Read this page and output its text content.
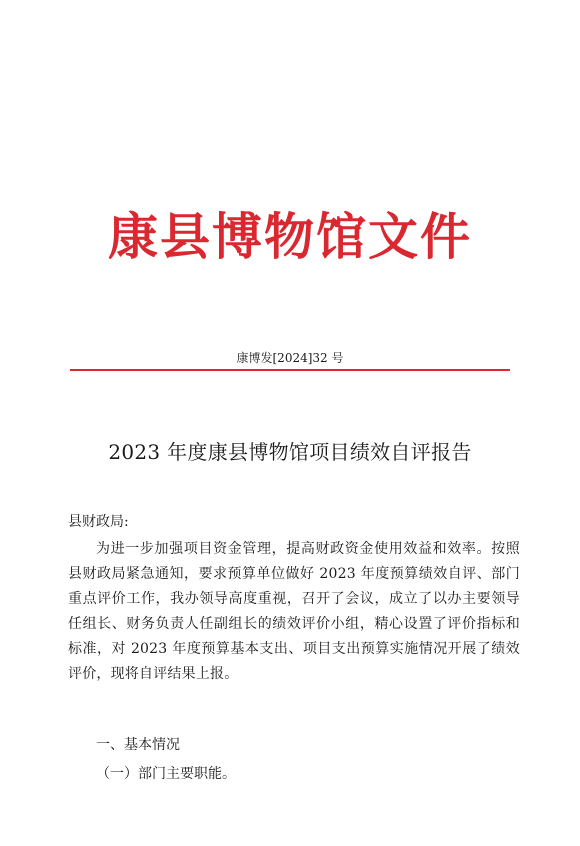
康县博物馆文件
康博发[2024]32 号
2023 年度康县博物馆项目绩效自评报告
县财政局:
为进一步加强项目资金管理，提高财政资金使用效益和效率。按照县财政局紧急通知，要求预算单位做好 2023 年度预算绩效自评、部门重点评价工作，我办领导高度重视，召开了会议，成立了以办主要领导任组长、财务负责人任副组长的绩效评价小组，精心设置了评价指标和标准，对 2023 年度预算基本支出、项目支出预算实施情况开展了绩效评价，现将自评结果上报。
一、基本情况
（一）部门主要职能。
